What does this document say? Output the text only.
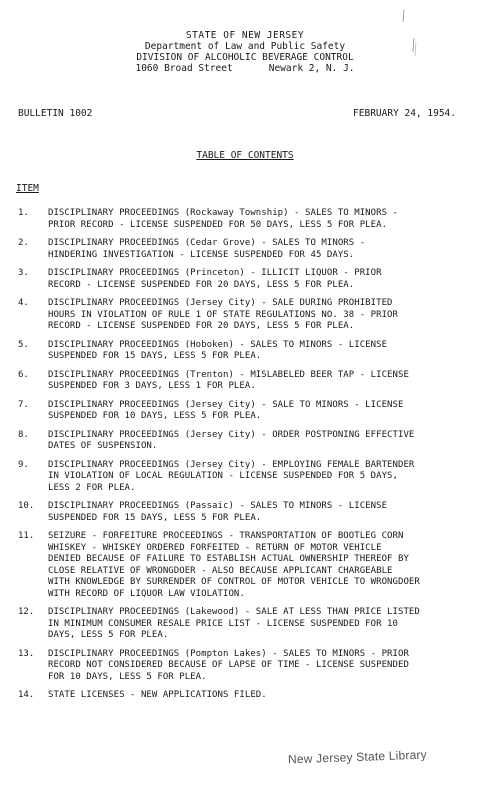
STATE OF NEW JERSEY
Department of Law and Public Safety
DIVISION OF ALCOHOLIC BEVERAGE CONTROL
1060 Broad Street	Newark 2, N. J.
BULLETIN 1002	FEBRUARY 24, 1954.
TABLE OF CONTENTS
ITEM
1.	DISCIPLINARY PROCEEDINGS (Rockaway Township) - SALES TO MINORS -
PRIOR RECORD - LICENSE SUSPENDED FOR 50 DAYS, LESS 5 FOR PLEA.
2.	DISCIPLINARY PROCEEDINGS (Cedar Grove) - SALES TO MINORS -
HINDERING INVESTIGATION - LICENSE SUSPENDED FOR 45 DAYS.
3.	DISCIPLINARY PROCEEDINGS (Princeton) - ILLICIT LIQUOR - PRIOR
RECORD - LICENSE SUSPENDED FOR 20 DAYS, LESS 5 FOR PLEA.
4.	DISCIPLINARY PROCEEDINGS (Jersey City) - SALE DURING PROHIBITED
HOURS IN VIOLATION OF RULE 1 OF STATE REGULATIONS NO. 38 - PRIOR
RECORD - LICENSE SUSPENDED FOR 20 DAYS, LESS 5 FOR PLEA.
5.	DISCIPLINARY PROCEEDINGS (Hoboken) - SALES TO MINORS - LICENSE
SUSPENDED FOR 15 DAYS, LESS 5 FOR PLEA.
6.	DISCIPLINARY PROCEEDINGS (Trenton) - MISLABELED BEER TAP - LICENSE
SUSPENDED FOR 3 DAYS, LESS 1 FOR PLEA.
7.	DISCIPLINARY PROCEEDINGS (Jersey City) - SALE TO MINORS - LICENSE
SUSPENDED FOR 10 DAYS, LESS 5 FOR PLEA.
8.	DISCIPLINARY PROCEEDINGS (Jersey City) - ORDER POSTPONING EFFECTIVE
DATES OF SUSPENSION.
9.	DISCIPLINARY PROCEEDINGS (Jersey City) - EMPLOYING FEMALE BARTENDER
IN VIOLATION OF LOCAL REGULATION - LICENSE SUSPENDED FOR 5 DAYS,
LESS 2 FOR PLEA.
10.	DISCIPLINARY PROCEEDINGS (Passaic) - SALES TO MINORS - LICENSE
SUSPENDED FOR 15 DAYS, LESS 5 FOR PLEA.
11.	SEIZURE - FORFEITURE PROCEEDINGS - TRANSPORTATION OF BOOTLEG CORN
WHISKEY - WHISKEY ORDERED FORFEITED - RETURN OF MOTOR VEHICLE
DENIED BECAUSE OF FAILURE TO ESTABLISH ACTUAL OWNERSHIP THEREOF BY
CLOSE RELATIVE OF WRONGDOER - ALSO BECAUSE APPLICANT CHARGEABLE
WITH KNOWLEDGE BY SURRENDER OF CONTROL OF MOTOR VEHICLE TO WRONGDOER
WITH RECORD OF LIQUOR LAW VIOLATION.
12.	DISCIPLINARY PROCEEDINGS (Lakewood) - SALE AT LESS THAN PRICE LISTED
IN MINIMUM CONSUMER RESALE PRICE LIST - LICENSE SUSPENDED FOR 10
DAYS, LESS 5 FOR PLEA.
13.	DISCIPLINARY PROCEEDINGS (Pompton Lakes) - SALES TO MINORS - PRIOR
RECORD NOT CONSIDERED BECAUSE OF LAPSE OF TIME - LICENSE SUSPENDED
FOR 10 DAYS, LESS 5 FOR PLEA.
14.	STATE LICENSES - NEW APPLICATIONS FILED.
New Jersey State Library
